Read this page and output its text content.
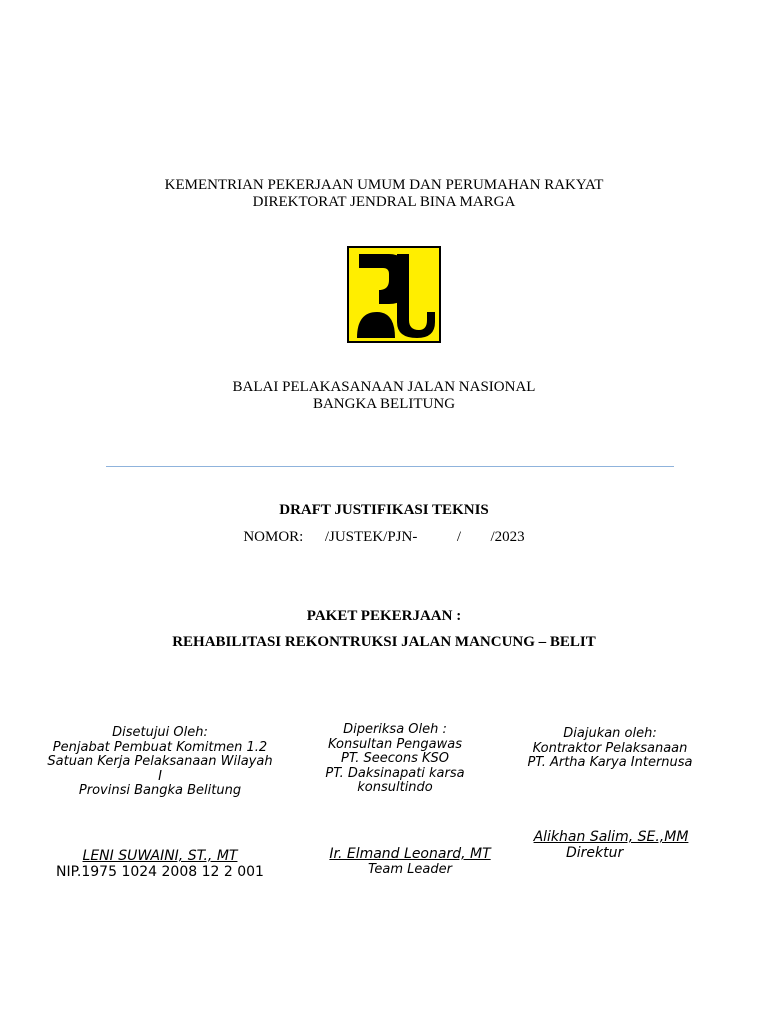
KEMENTRIAN PEKERJAAN UMUM DAN PERUMAHAN RAKYAT
DIREKTORAT JENDRAL BINA MARGA
BALAI PELAKASANAAN JALAN NASIONAL
BANGKA BELITUNG
DRAFT JUSTIFIKASI TEKNIS
NOMOR: /JUSTEK/PJN-	/ /2023
PAKET PEKERJAAN :
REHABILITASI REKONTRUKSI JALAN MANCUNG – BELIT
Disetujui Oleh:
Penjabat Pembuat Komitmen 1.2
Satuan Kerja Pelaksanaan Wilayah
I
Provinsi Bangka Belitung
LENI SUWAINI, ST., MT
NIP.1975 1024 2008 12 2 001
Diperiksa Oleh :
Konsultan Pengawas
PT. Seecons KSO
PT. Daksinapati karsa
konsultindo
Ir. Elmand Leonard, MT
Team Leader
Diajukan oleh:
Kontraktor Pelaksanaan
PT. Artha Karya Internusa
Alikhan Salim, SE.,MM
Direktur
